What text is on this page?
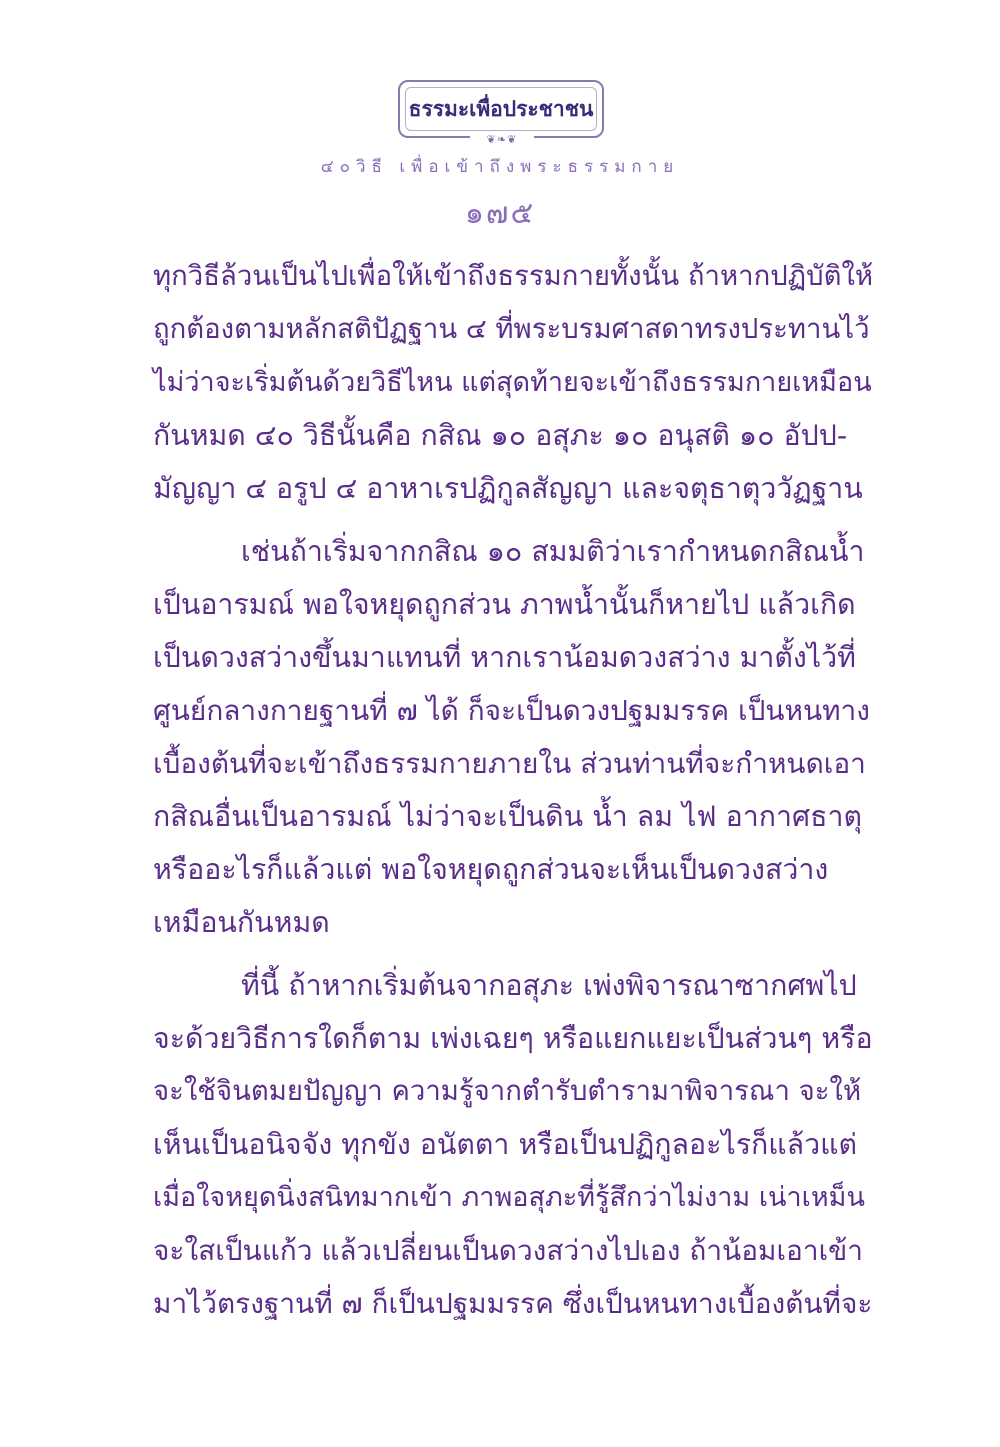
ธรรมะเพื่อประชาชน
❦❧❦
๔๐วิธี เพื่อเข้าถึงพระธรรมกาย
๑๗๕
ทุกวิธีล้วนเป็นไปเพื่อให้เข้าถึงธรรมกายทั้งนั้น ถ้าหากปฏิบัติให้
ถูกต้องตามหลักสติปัฏฐาน ๔ ที่พระบรมศาสดาทรงประทานไว้
ไม่ว่าจะเริ่มต้นด้วยวิธีไหน แต่สุดท้ายจะเข้าถึงธรรมกายเหมือน
กันหมด ๔๐ วิธีนั้นคือ กสิณ ๑๐ อสุภะ ๑๐ อนุสติ ๑๐ อัปป-
มัญญา ๔ อรูป ๔ อาหาเรปฏิกูลสัญญา และจตุธาตุววัฏฐาน
เช่นถ้าเริ่มจากกสิณ ๑๐ สมมติว่าเรากำหนดกสิณน้ำ
เป็นอารมณ์ พอใจหยุดถูกส่วน ภาพน้ำนั้นก็หายไป แล้วเกิด
เป็นดวงสว่างขึ้นมาแทนที่ หากเราน้อมดวงสว่าง มาตั้งไว้ที่
ศูนย์กลางกายฐานที่ ๗ ได้ ก็จะเป็นดวงปฐมมรรค เป็นหนทาง
เบื้องต้นที่จะเข้าถึงธรรมกายภายใน ส่วนท่านที่จะกำหนดเอา
กสิณอื่นเป็นอารมณ์ ไม่ว่าจะเป็นดิน น้ำ ลม ไฟ อากาศธาตุ
หรืออะไรก็แล้วแต่ พอใจหยุดถูกส่วนจะเห็นเป็นดวงสว่าง
เหมือนกันหมด
ที่นี้ ถ้าหากเริ่มต้นจากอสุภะ เพ่งพิจารณาซากศพไป
จะด้วยวิธีการใดก็ตาม เพ่งเฉยๆ หรือแยกแยะเป็นส่วนๆ หรือ
จะใช้จินตมยปัญญา ความรู้จากตำรับตำรามาพิจารณา จะให้
เห็นเป็นอนิจจัง ทุกขัง อนัตตา หรือเป็นปฏิกูลอะไรก็แล้วแต่
เมื่อใจหยุดนิ่งสนิทมากเข้า ภาพอสุภะที่รู้สึกว่าไม่งาม เน่าเหม็น
จะใสเป็นแก้ว แล้วเปลี่ยนเป็นดวงสว่างไปเอง ถ้าน้อมเอาเข้า
มาไว้ตรงฐานที่ ๗ ก็เป็นปฐมมรรค ซึ่งเป็นหนทางเบื้องต้นที่จะ
